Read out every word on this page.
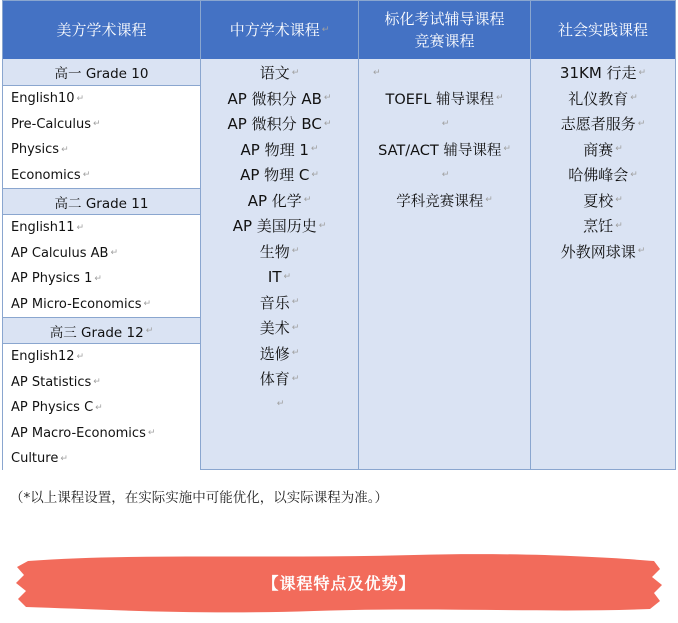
美方学术课程	中方学术课程 ↵
标化考试辅导课程
竞赛课程
社会实践课程
高一 Grade 10
English10 ↵
Pre-Calculus ↵
Physics ↵
Economics ↵
高二 Grade 11
English11 ↵
AP Calculus AB ↵
AP Physics 1 ↵
AP Micro-Economics ↵
高三 Grade 12 ↵
English12 ↵
AP Statistics ↵
AP Physics C ↵
AP Macro-Economics ↵
Culture ↵
语文 ↵
AP 微积分 AB ↵
AP 微积分 BC ↵
AP 物理 1 ↵
AP 物理 C ↵
AP 化学 ↵
AP 美国历史 ↵
生物 ↵
IT ↵
音乐 ↵
美术 ↵
选修 ↵
体育 ↵
↵
↵
TOEFL 辅导课程 ↵
↵
SAT/ACT 辅导课程 ↵
↵
学科竞赛课程 ↵
31KM 行走 ↵
礼仪教育 ↵
志愿者服务 ↵
商赛 ↵
哈佛峰会 ↵
夏校 ↵
烹饪 ↵
外教网球课 ↵
（*以上课程设置，在实际实施中可能优化，以实际课程为准。）
【课程特点及优势】
